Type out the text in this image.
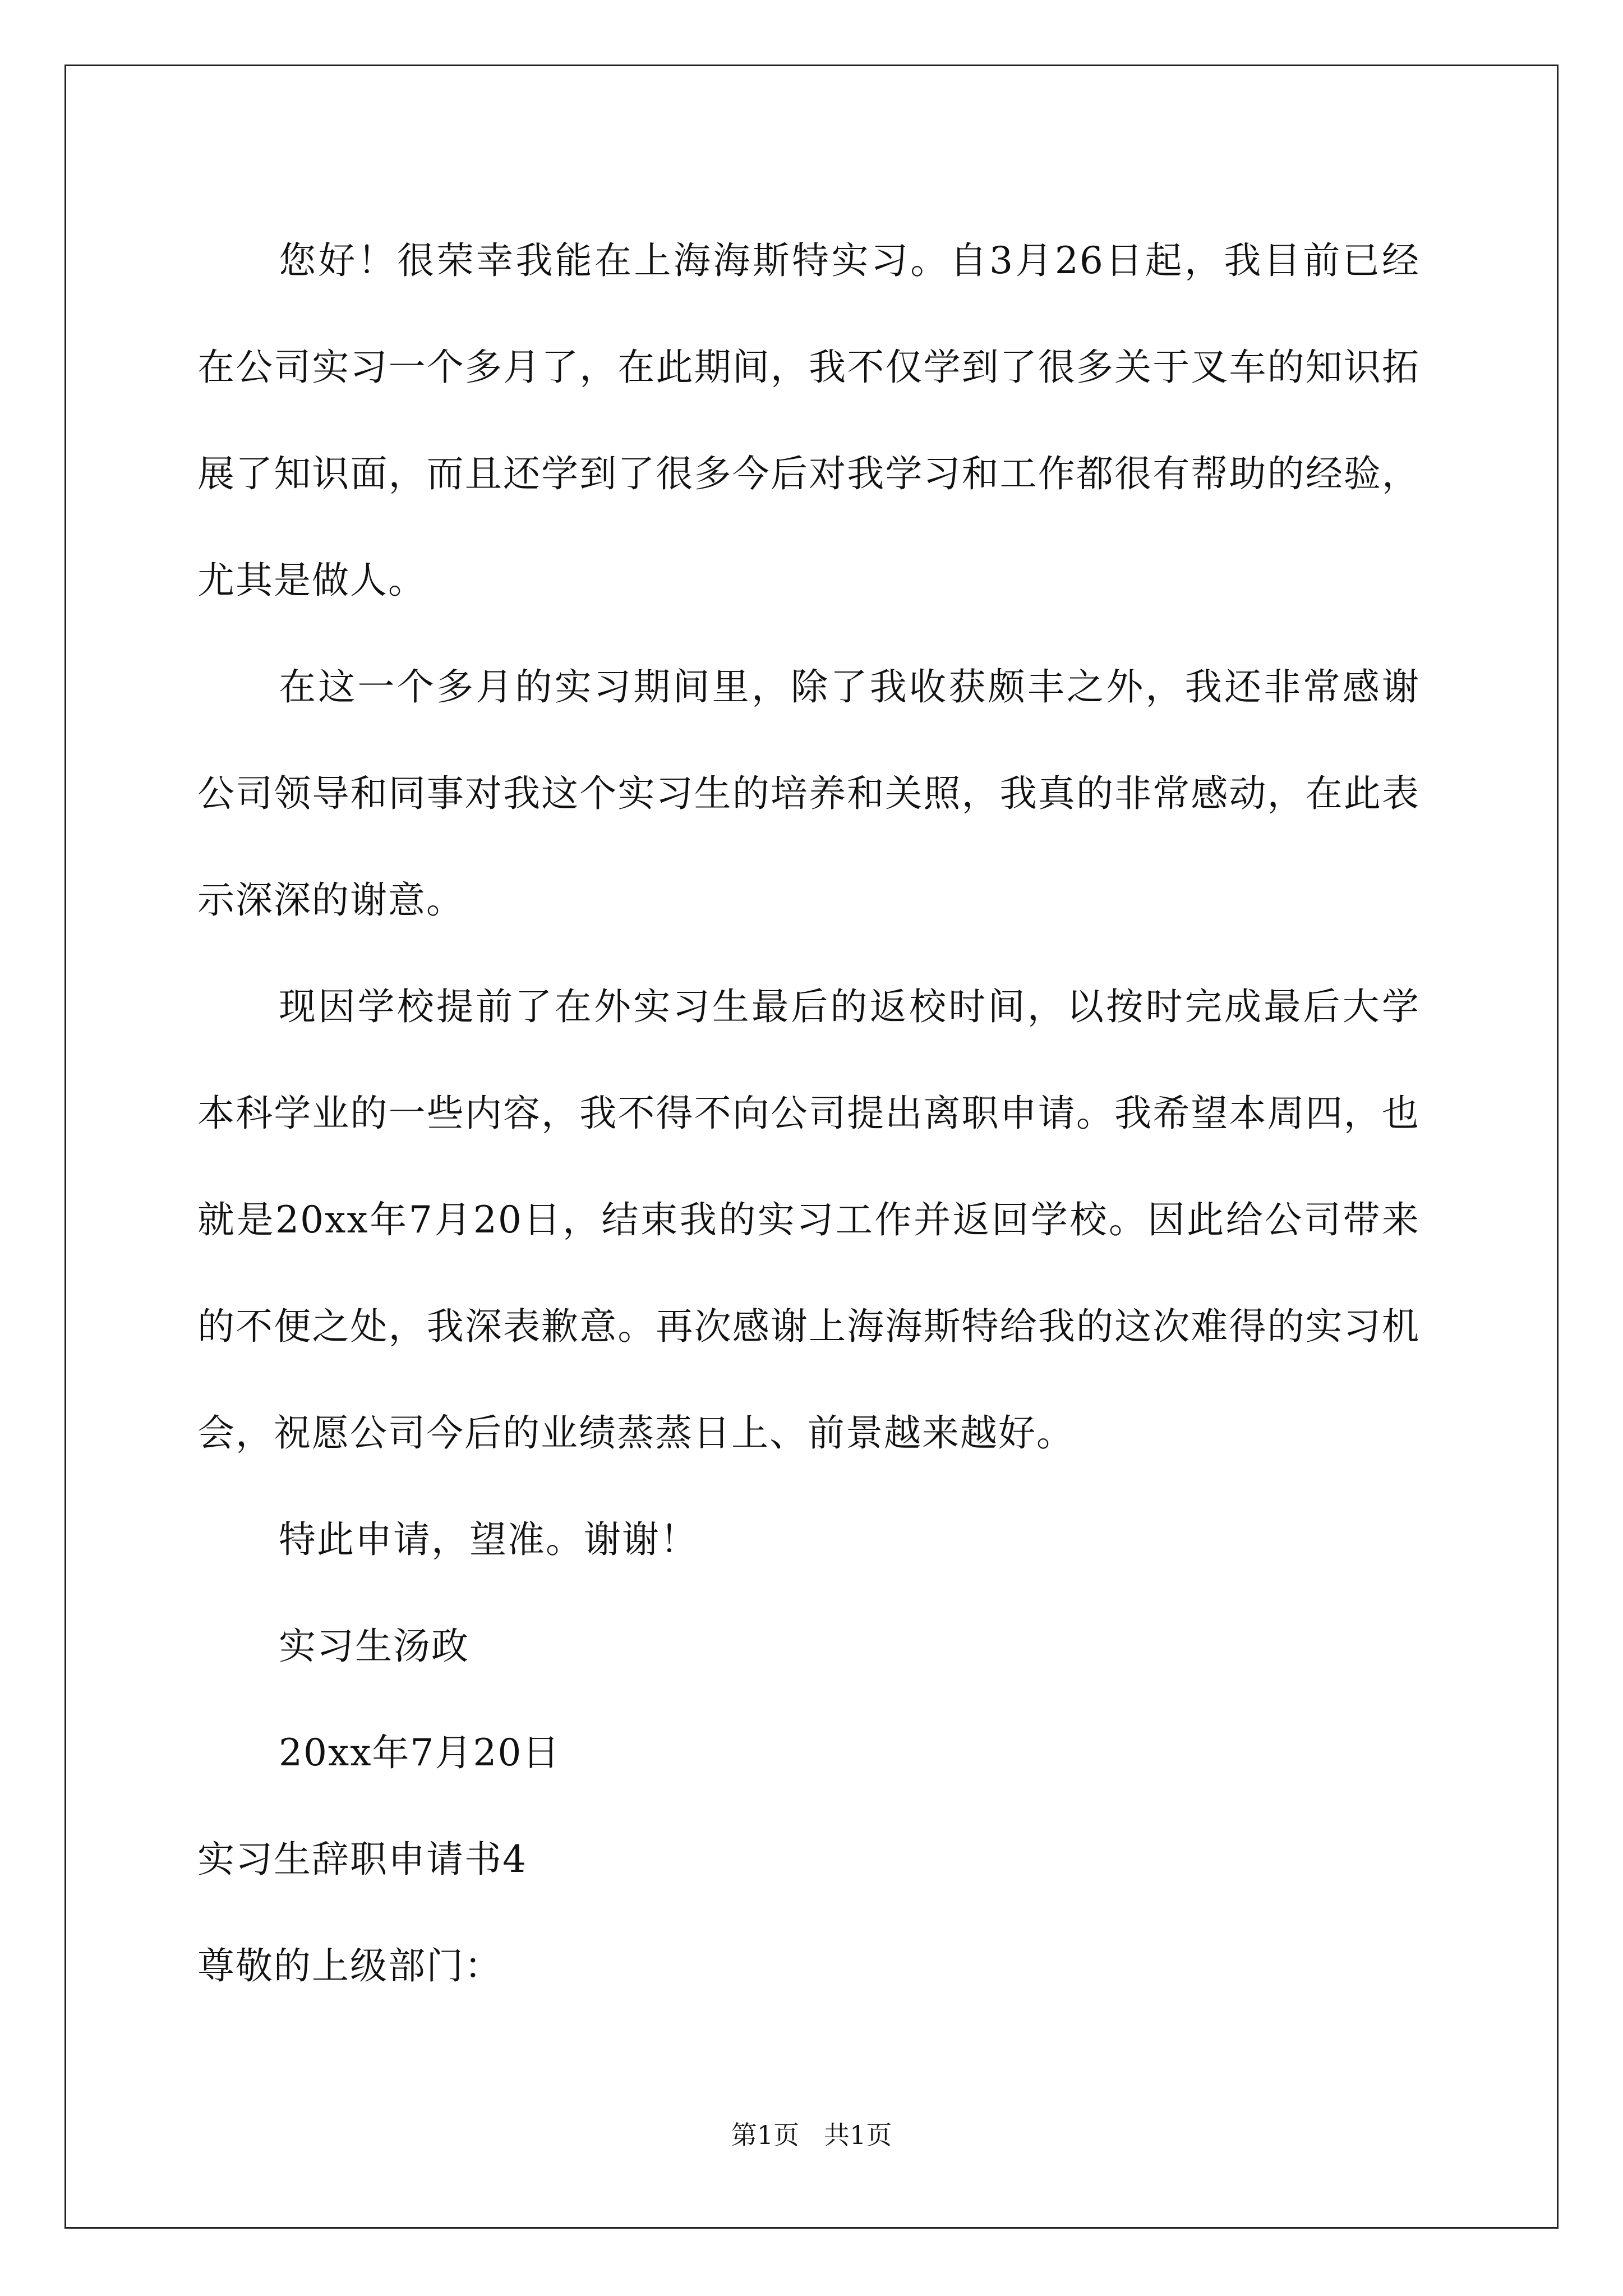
您好！很荣幸我能在上海海斯特实习。自3月26日起，我目前已经在公司实习一个多月了，在此期间，我不仅学到了很多关于叉车的知识拓展了知识面，而且还学到了很多今后对我学习和工作都很有帮助的经验，尤其是做人。

在这一个多月的实习期间里，除了我收获颇丰之外，我还非常感谢公司领导和同事对我这个实习生的培养和关照，我真的非常感动，在此表示深深的谢意。

现因学校提前了在外实习生最后的返校时间，以按时完成最后大学本科学业的一些内容，我不得不向公司提出离职申请。我希望本周四，也就是20xx年7月20日，结束我的实习工作并返回学校。因此给公司带来的不便之处，我深表歉意。再次感谢上海海斯特给我的这次难得的实习机会，祝愿公司今后的业绩蒸蒸日上、前景越来越好。

特此申请，望准。谢谢！

实习生汤政

20xx年7月20日

实习生辞职申请书4

尊敬的上级部门：

第1页 共1页
